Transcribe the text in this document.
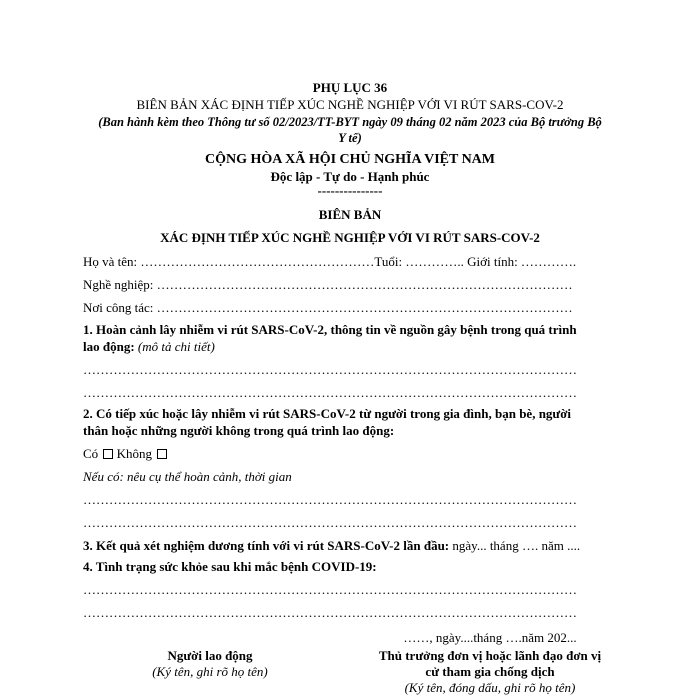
PHỤ LỤC 36
BIÊN BẢN XÁC ĐỊNH TIẾP XÚC NGHỀ NGHIỆP VỚI VI RÚT SARS-COV-2
(Ban hành kèm theo Thông tư số 02/2023/TT-BYT ngày 09 tháng 02 năm 2023 của Bộ trưởng Bộ
Y tế)
CỘNG HÒA XÃ HỘI CHỦ NGHĨA VIỆT NAM
Độc lập - Tự do - Hạnh phúc
---------------
BIÊN BẢN
XÁC ĐỊNH TIẾP XÚC NGHỀ NGHIỆP VỚI VI RÚT SARS-COV-2
Họ và tên: ………………………………………………Tuổi: ………….. Giới tính: ………….
Nghề nghiệp: ……………………………………………………………………………………
Nơi công tác: ……………………………………………………………………………………
1. Hoàn cảnh lây nhiễm vi rút SARS-CoV-2, thông tin về nguồn gây bệnh trong quá trình
lao động: (mô tả chi tiết)
……………………………………………………………………………………………………
……………………………………………………………………………………………………
2. Có tiếp xúc hoặc lây nhiễm vi rút SARS-CoV-2 từ người trong gia đình, bạn bè, người
thân hoặc những người không trong quá trình lao động:
Có Không
Nếu có: nêu cụ thể hoàn cảnh, thời gian
……………………………………………………………………………………………………
……………………………………………………………………………………………………
3. Kết quả xét nghiệm dương tính với vi rút SARS-CoV-2 lần đầu: ngày... tháng …. năm ....
4. Tình trạng sức khỏe sau khi mắc bệnh COVID-19:
……………………………………………………………………………………………………
……………………………………………………………………………………………………
……, ngày....tháng ….năm 202...
Người lao động
(Ký tên, ghi rõ họ tên)
Thủ trưởng đơn vị hoặc lãnh đạo đơn vị
cử tham gia chống dịch
(Ký tên, đóng dấu, ghi rõ họ tên)
